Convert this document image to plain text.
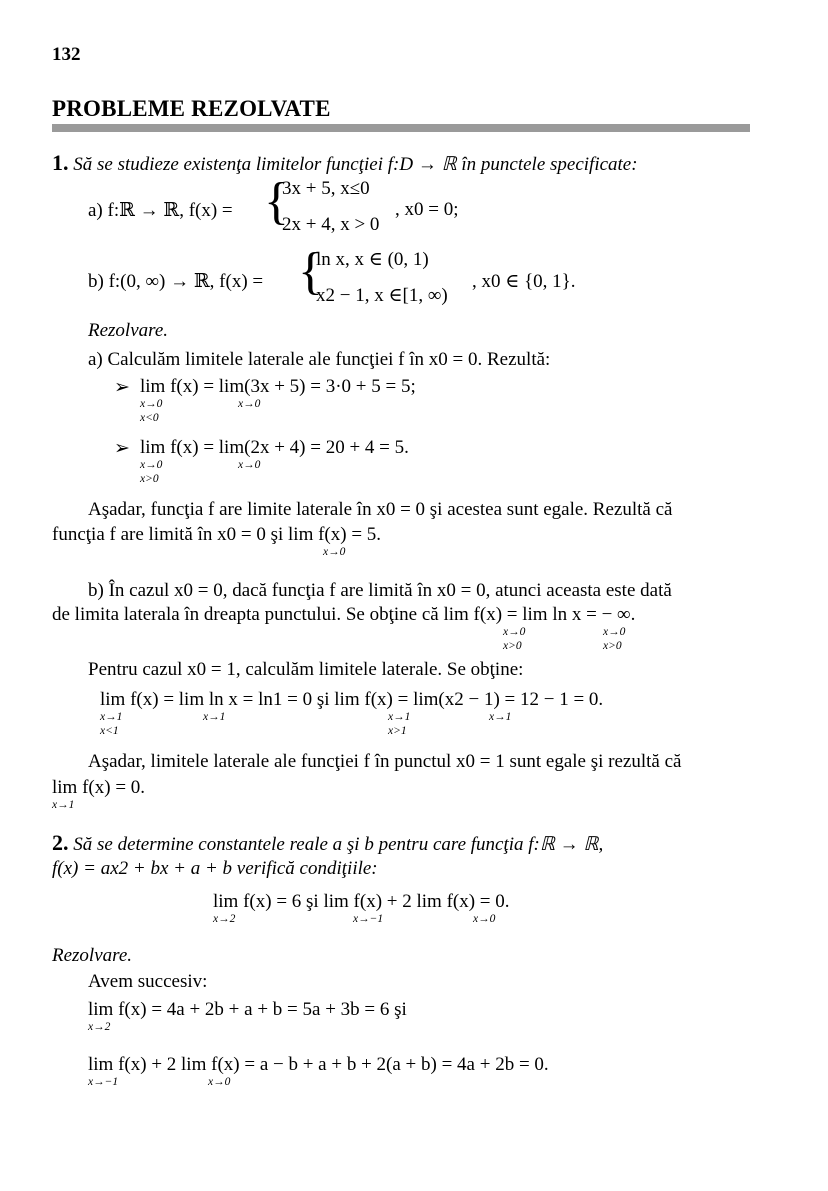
132
PROBLEME REZOLVATE
1. Să se studieze existenţa limitelor funcţiei f:D → ℝ în punctele specificate:
a) f:ℝ → ℝ, f(x) = {
3x + 5, x≤0
2x + 4, x > 0
, x0 = 0;
b) f:(0, ∞) → ℝ, f(x) = {
ln x, x ∈ (0, 1)
x2 − 1, x ∈[1, ∞)
, x0 ∈ {0, 1}.
Rezolvare.
a) Calculăm limitele laterale ale funcţiei f în x0 = 0. Rezultă:
➢ lim f(x) = lim(3x + 5) = 3·0 + 5 = 5;
x→0
x<0
x→0
➢ lim f(x) = lim(2x + 4) = 20 + 4 = 5.
x→0
x>0
x→0
Aşadar, funcţia f are limite laterale în x0 = 0 şi acestea sunt egale. Rezultă că
funcţia f are limită în x0 = 0 şi lim f(x) = 5.
x→0
b) În cazul x0 = 0, dacă funcţia f are limită în x0 = 0, atunci aceasta este dată
de limita laterala în dreapta punctului. Se obţine că lim f(x) = lim ln x = − ∞.
x→0
x>0
x→0
x>0
Pentru cazul x0 = 1, calculăm limitele laterale. Se obţine:
lim f(x) = lim ln x = ln1 = 0 şi lim f(x) = lim(x2 − 1) = 12 − 1 = 0.
x→1
x<1
x→1	x→1
x>1
x→1
Aşadar, limitele laterale ale funcţiei f în punctul x0 = 1 sunt egale şi rezultă că
lim f(x) = 0.
x→1
2. Să se determine constantele reale a şi b pentru care funcţia f:ℝ → ℝ,
f(x) = ax2 + bx + a + b verifică condiţiile:
lim f(x) = 6 şi lim f(x) + 2 lim f(x) = 0.
x→2	x→−1	x→0
Rezolvare.
Avem succesiv:
lim f(x) = 4a + 2b + a + b = 5a + 3b = 6 şi
x→2
lim f(x) + 2 lim f(x) = a − b + a + b + 2(a + b) = 4a + 2b = 0.
x→−1	x→0
